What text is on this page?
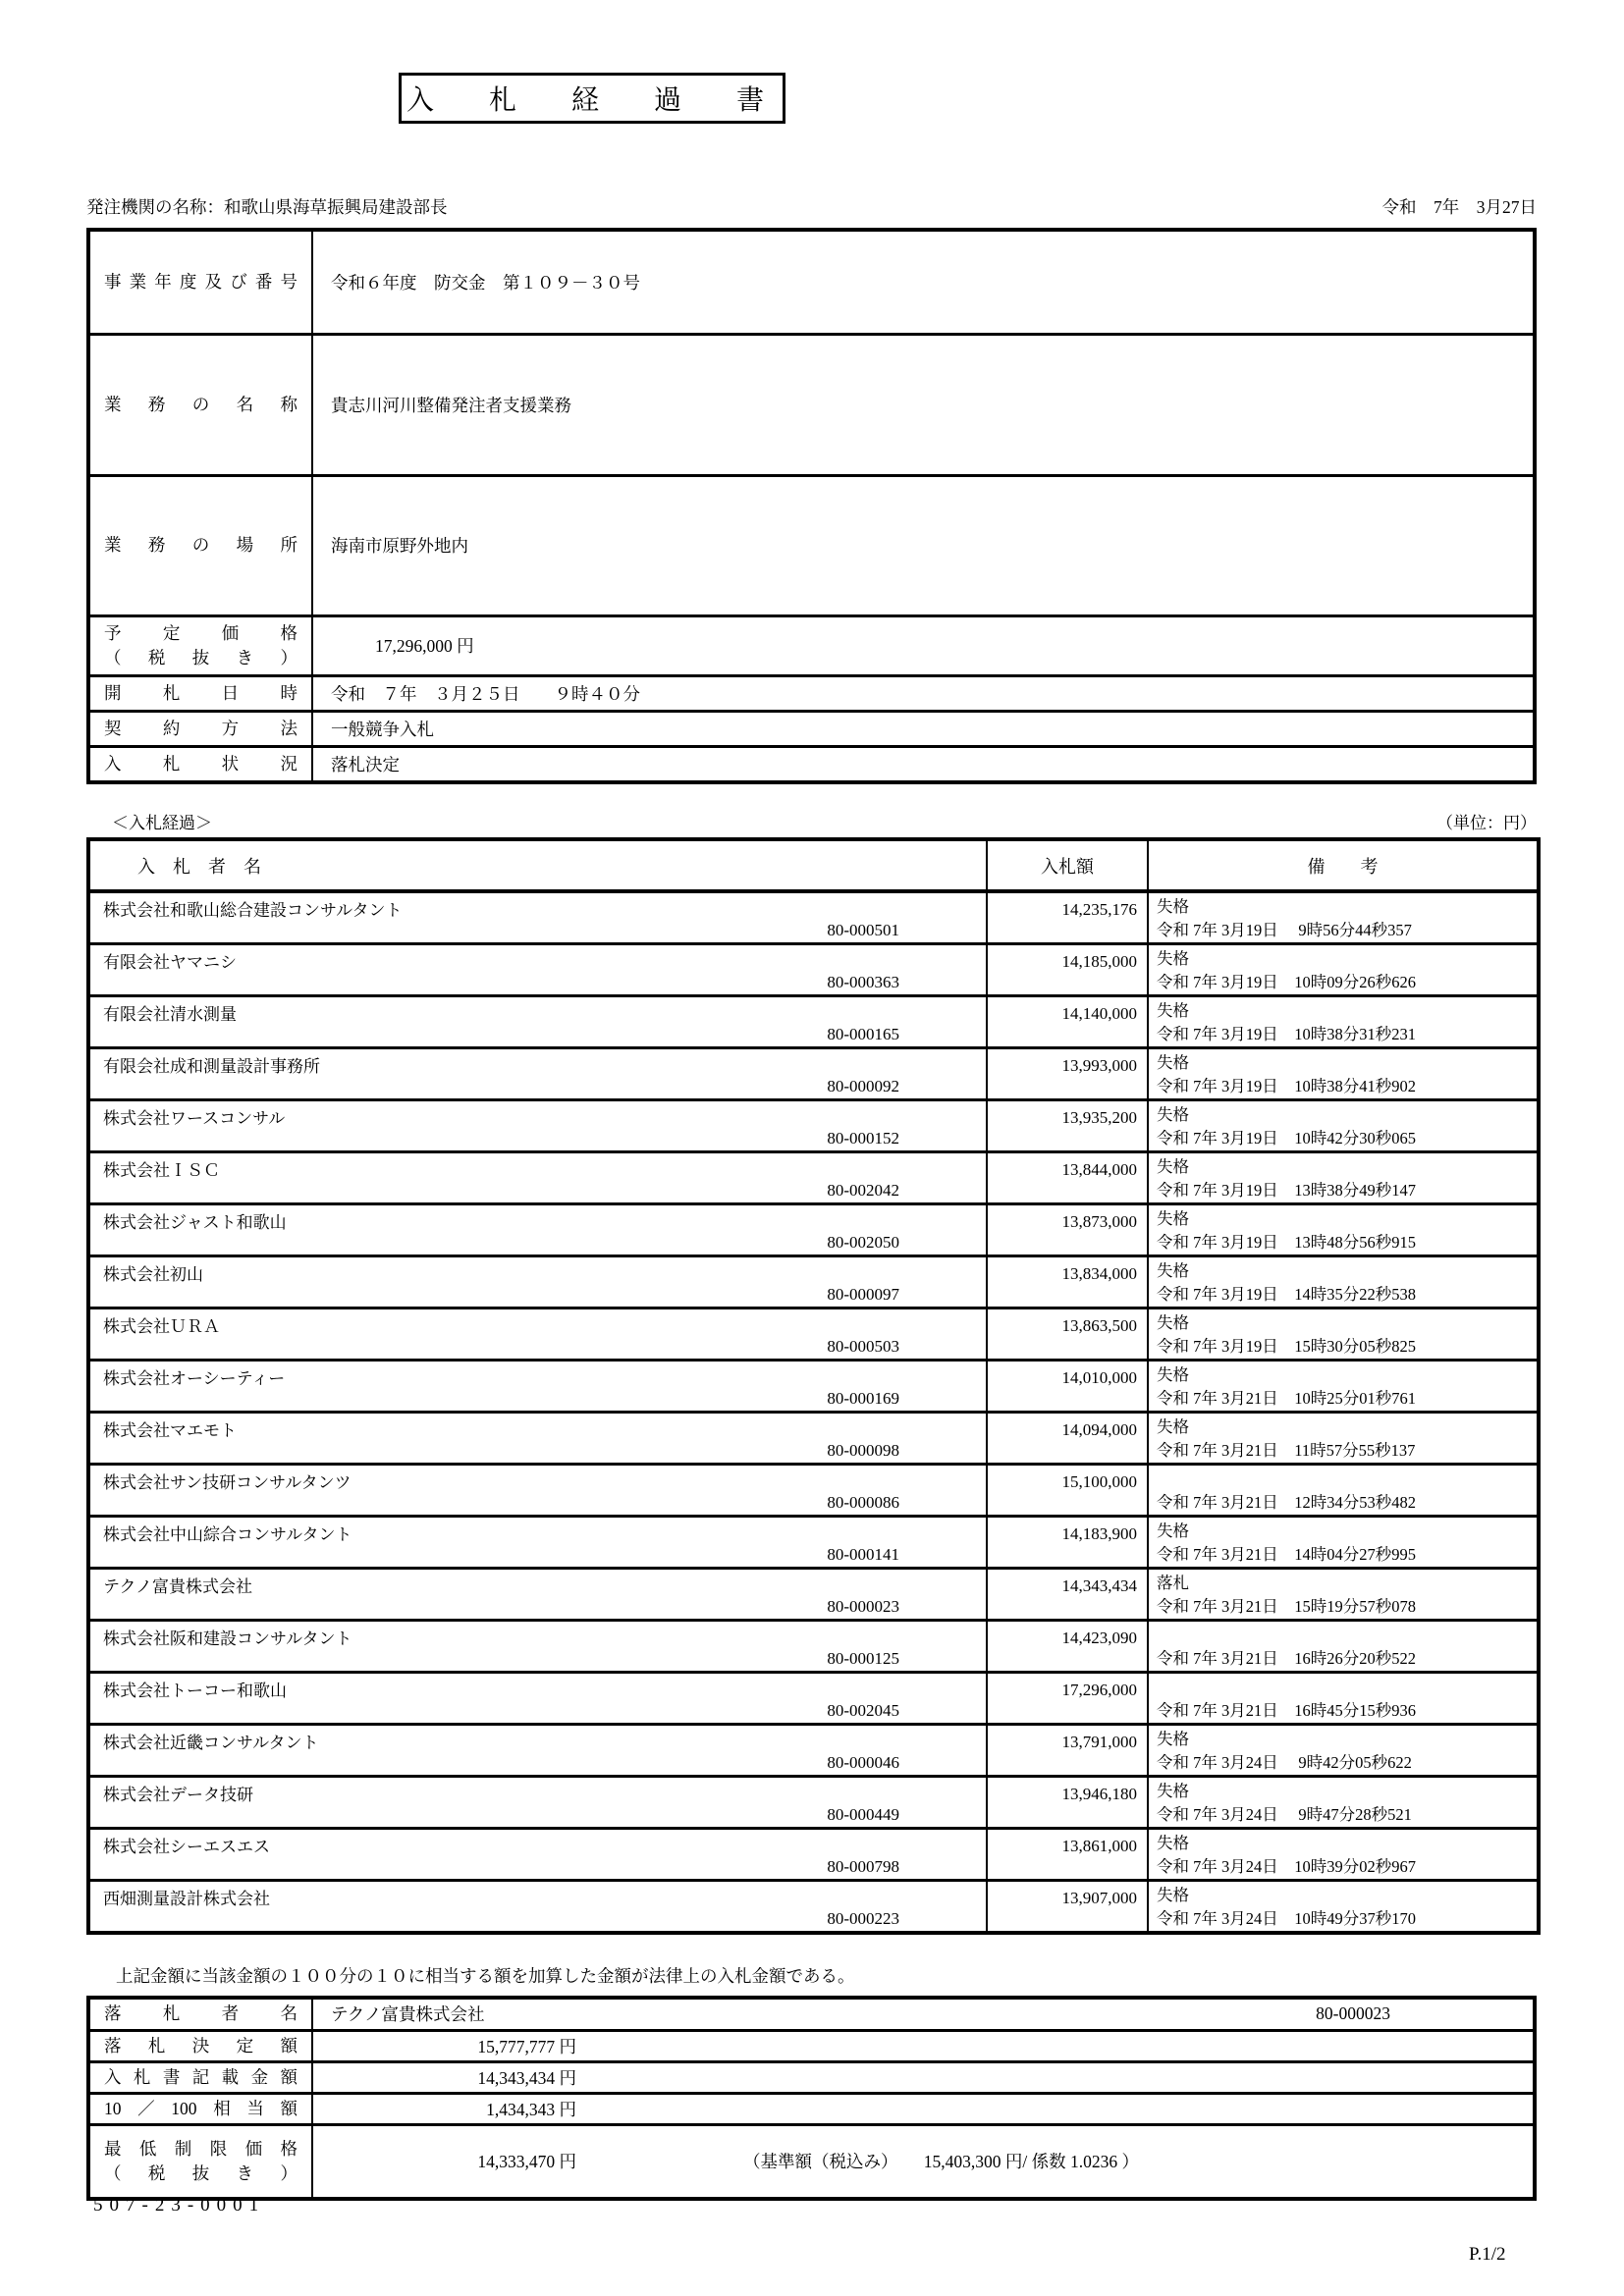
入　札　経　過　書
発注機関の名称：和歌山県海草振興局建設部長	令和　7年　3月27日
事業年度及び番号	令和６年度　防交金　第１０９－３０号

業務の名称	貴志川河川整備発注者支援業務

業務の場所	海南市原野外地内

予定価格
（税抜き）	17,296,000 円

開札日時	令和　７年　３月２５日　　９時４０分

契約方法	一般競争入札

入札状況	落札決定
＜入札経過＞	（単位：円）
入　札　者　名	入札額	備　　考

株式会社和歌山総合建設コンサルタント
80-000501
	14,235,176	失格
令和 7年 3月19日　 9時56分44秒357

有限会社ヤマニシ
80-000363
	14,185,000	失格
令和 7年 3月19日　10時09分26秒626

有限会社清水測量
80-000165
	14,140,000	失格
令和 7年 3月19日　10時38分31秒231

有限会社成和測量設計事務所
80-000092
	13,993,000	失格
令和 7年 3月19日　10時38分41秒902

株式会社ワースコンサル
80-000152
	13,935,200	失格
令和 7年 3月19日　10時42分30秒065

株式会社ＩＳＣ
80-002042
	13,844,000	失格
令和 7年 3月19日　13時38分49秒147

株式会社ジャスト和歌山
80-002050
	13,873,000	失格
令和 7年 3月19日　13時48分56秒915

株式会社初山
80-000097
	13,834,000	失格
令和 7年 3月19日　14時35分22秒538

株式会社ＵＲＡ
80-000503
	13,863,500	失格
令和 7年 3月19日　15時30分05秒825

株式会社オーシーティー
80-000169
	14,010,000	失格
令和 7年 3月21日　10時25分01秒761

株式会社マエモト
80-000098
	14,094,000	失格
令和 7年 3月21日　11時57分55秒137

株式会社サン技研コンサルタンツ
80-000086	15,100,000	令和 7年 3月21日　12時34分53秒482

株式会社中山綜合コンサルタント
80-000141
	14,183,900	失格
令和 7年 3月21日　14時04分27秒995

テクノ富貴株式会社
80-000023
	14,343,434	落札
令和 7年 3月21日　15時19分57秒078

株式会社阪和建設コンサルタント
80-000125	14,423,090	令和 7年 3月21日　16時26分20秒522

株式会社トーコー和歌山
80-002045	17,296,000	令和 7年 3月21日　16時45分15秒936

株式会社近畿コンサルタント
80-000046
	13,791,000	失格
令和 7年 3月24日　 9時42分05秒622

株式会社データ技研
80-000449
	13,946,180	失格
令和 7年 3月24日　 9時47分28秒521

株式会社シーエスエス
80-000798
	13,861,000	失格
令和 7年 3月24日　10時39分02秒967

西畑測量設計株式会社
80-000223
	13,907,000	失格
令和 7年 3月24日　10時49分37秒170
上記金額に当該金額の１００分の１０に相当する額を加算した金額が法律上の入札金額である。
落札者名	テクノ富貴株式会社 80-000023

落札決定額	15,777,777 円

入札書記載金額	14,343,434 円

10／100相当額	1,434,343 円

最低制限価格
（税抜き）	14,333,470 円 （基準額（税込み）　　15,403,300 円/ 係数 1.0236 ）
507-23-0001
P.1/2
